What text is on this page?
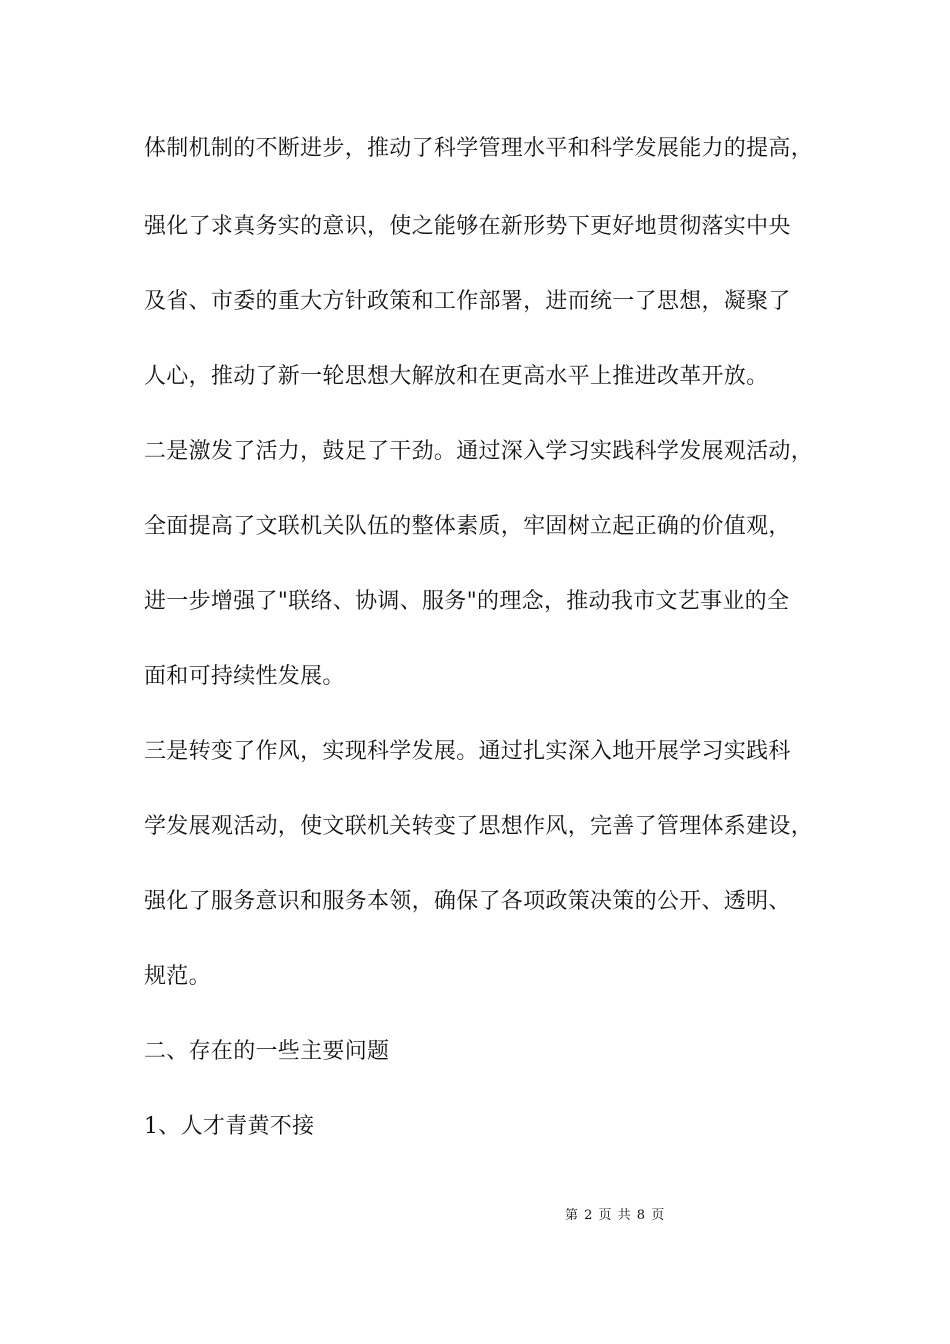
体制机制的不断进步，推动了科学管理水平和科学发展能力的提高，
强化了求真务实的意识，使之能够在新形势下更好地贯彻落实中央
及省、市委的重大方针政策和工作部署，进而统一了思想，凝聚了
人心，推动了新一轮思想大解放和在更高水平上推进改革开放。
二是激发了活力，鼓足了干劲。通过深入学习实践科学发展观活动，
全面提高了文联机关队伍的整体素质，牢固树立起正确的价值观，
进一步增强了"联络、协调、服务"的理念，推动我市文艺事业的全
面和可持续性发展。
三是转变了作风，实现科学发展。通过扎实深入地开展学习实践科
学发展观活动，使文联机关转变了思想作风，完善了管理体系建设，
强化了服务意识和服务本领，确保了各项政策决策的公开、透明、
规范。
二、存在的一些主要问题
1、人才青黄不接
第 2 页 共 8 页
